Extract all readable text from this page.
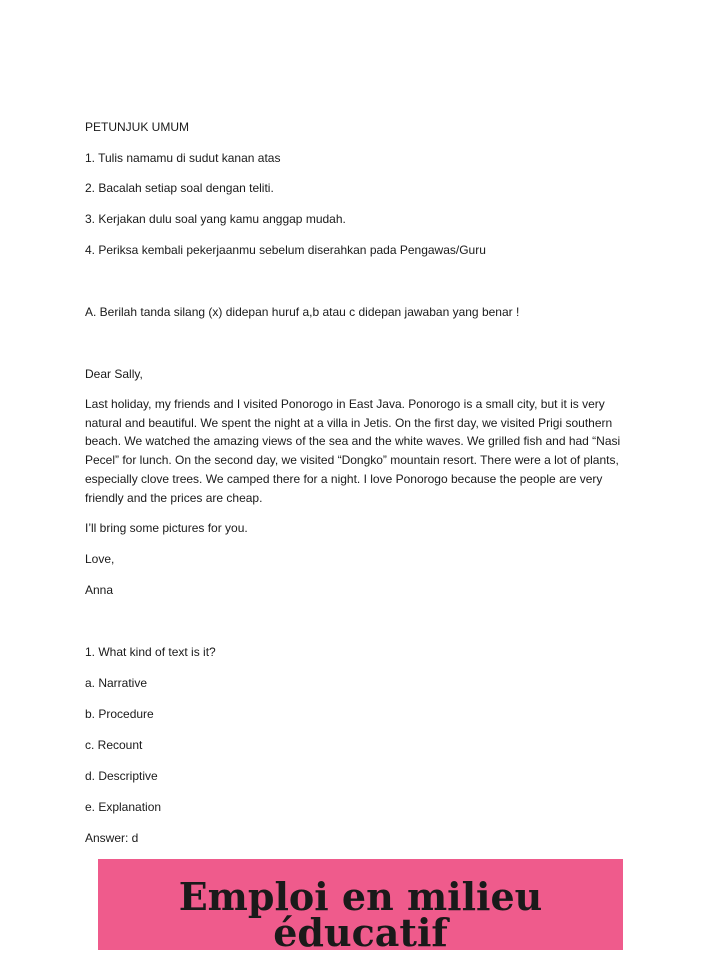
PETUNJUK UMUM
1. Tulis namamu di sudut kanan atas
2. Bacalah setiap soal dengan teliti.
3. Kerjakan dulu soal yang kamu anggap mudah.
4. Periksa kembali pekerjaanmu sebelum diserahkan pada Pengawas/Guru
A. Berilah tanda silang (x) didepan huruf a,b atau c didepan jawaban yang benar !
Dear Sally,
Last holiday, my friends and I visited Ponorogo in East Java. Ponorogo is a small city, but it is very natural and beautiful. We spent the night at a villa in Jetis. On the first day, we visited Prigi southern beach. We watched the amazing views of the sea and the white waves. We grilled fish and had “Nasi Pecel” for lunch. On the second day, we visited “Dongko” mountain resort. There were a lot of plants, especially clove trees. We camped there for a night. I love Ponorogo because the people are very friendly and the prices are cheap.
I’ll bring some pictures for you.
Love,
Anna
1. What kind of text is it?
a. Narrative
b. Procedure
c. Recount
d. Descriptive
e. Explanation
Answer: d
Emploi en milieu éducatif
